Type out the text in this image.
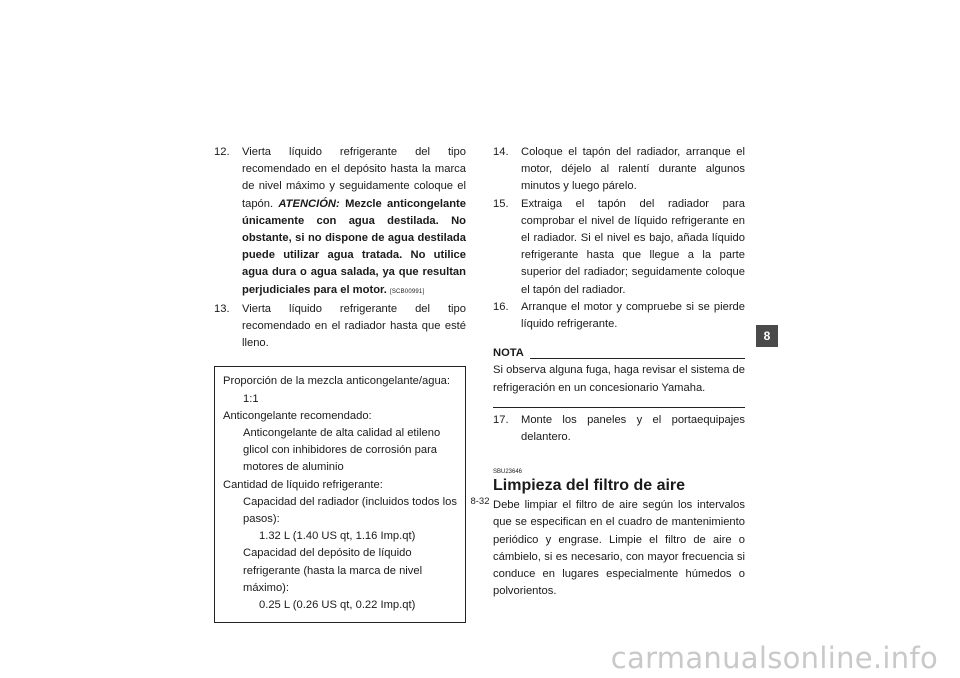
12. Vierta líquido refrigerante del tipo recomendado en el depósito hasta la marca de nivel máximo y seguidamente coloque el tapón. ATENCIÓN: Mezcle anticongelante únicamente con agua destilada. No obstante, si no dispone de agua destilada puede utilizar agua tratada. No utilice agua dura o agua salada, ya que resultan perjudiciales para el motor. [SCB00991]

13. Vierta líquido refrigerante del tipo recomendado en el radiador hasta que esté lleno.

Proporción de la mezcla anticongelante/agua:
1:1
Anticongelante recomendado:
Anticongelante de alta calidad al etileno glicol con inhibidores de corrosión para motores de aluminio
Cantidad de líquido refrigerante:
Capacidad del radiador (incluidos todos los pasos):
1.32 L (1.40 US qt, 1.16 Imp.qt)
Capacidad del depósito de líquido refrigerante (hasta la marca de nivel máximo):
0.25 L (0.26 US qt, 0.22 Imp.qt)
14. Coloque el tapón del radiador, arranque el motor, déjelo al ralentí durante algunos minutos y luego párelo.

15. Extraiga el tapón del radiador para comprobar el nivel de líquido refrigerante en el radiador. Si el nivel es bajo, añada líquido refrigerante hasta que llegue a la parte superior del radiador; seguidamente coloque el tapón del radiador.

16. Arranque el motor y compruebe si se pierde líquido refrigerante.

NOTA

Si observa alguna fuga, haga revisar el sistema de refrigeración en un concesionario Yamaha.

17. Monte los paneles y el portaequipajes delantero.

SBU23646
Limpieza del filtro de aire

Debe limpiar el filtro de aire según los intervalos que se especifican en el cuadro de mantenimiento periódico y engrase. Limpie el filtro de aire o cámbielo, si es necesario, con mayor frecuencia si conduce en lugares especialmente húmedos o polvorientos.

8
8-32
carmanualsonline.info
